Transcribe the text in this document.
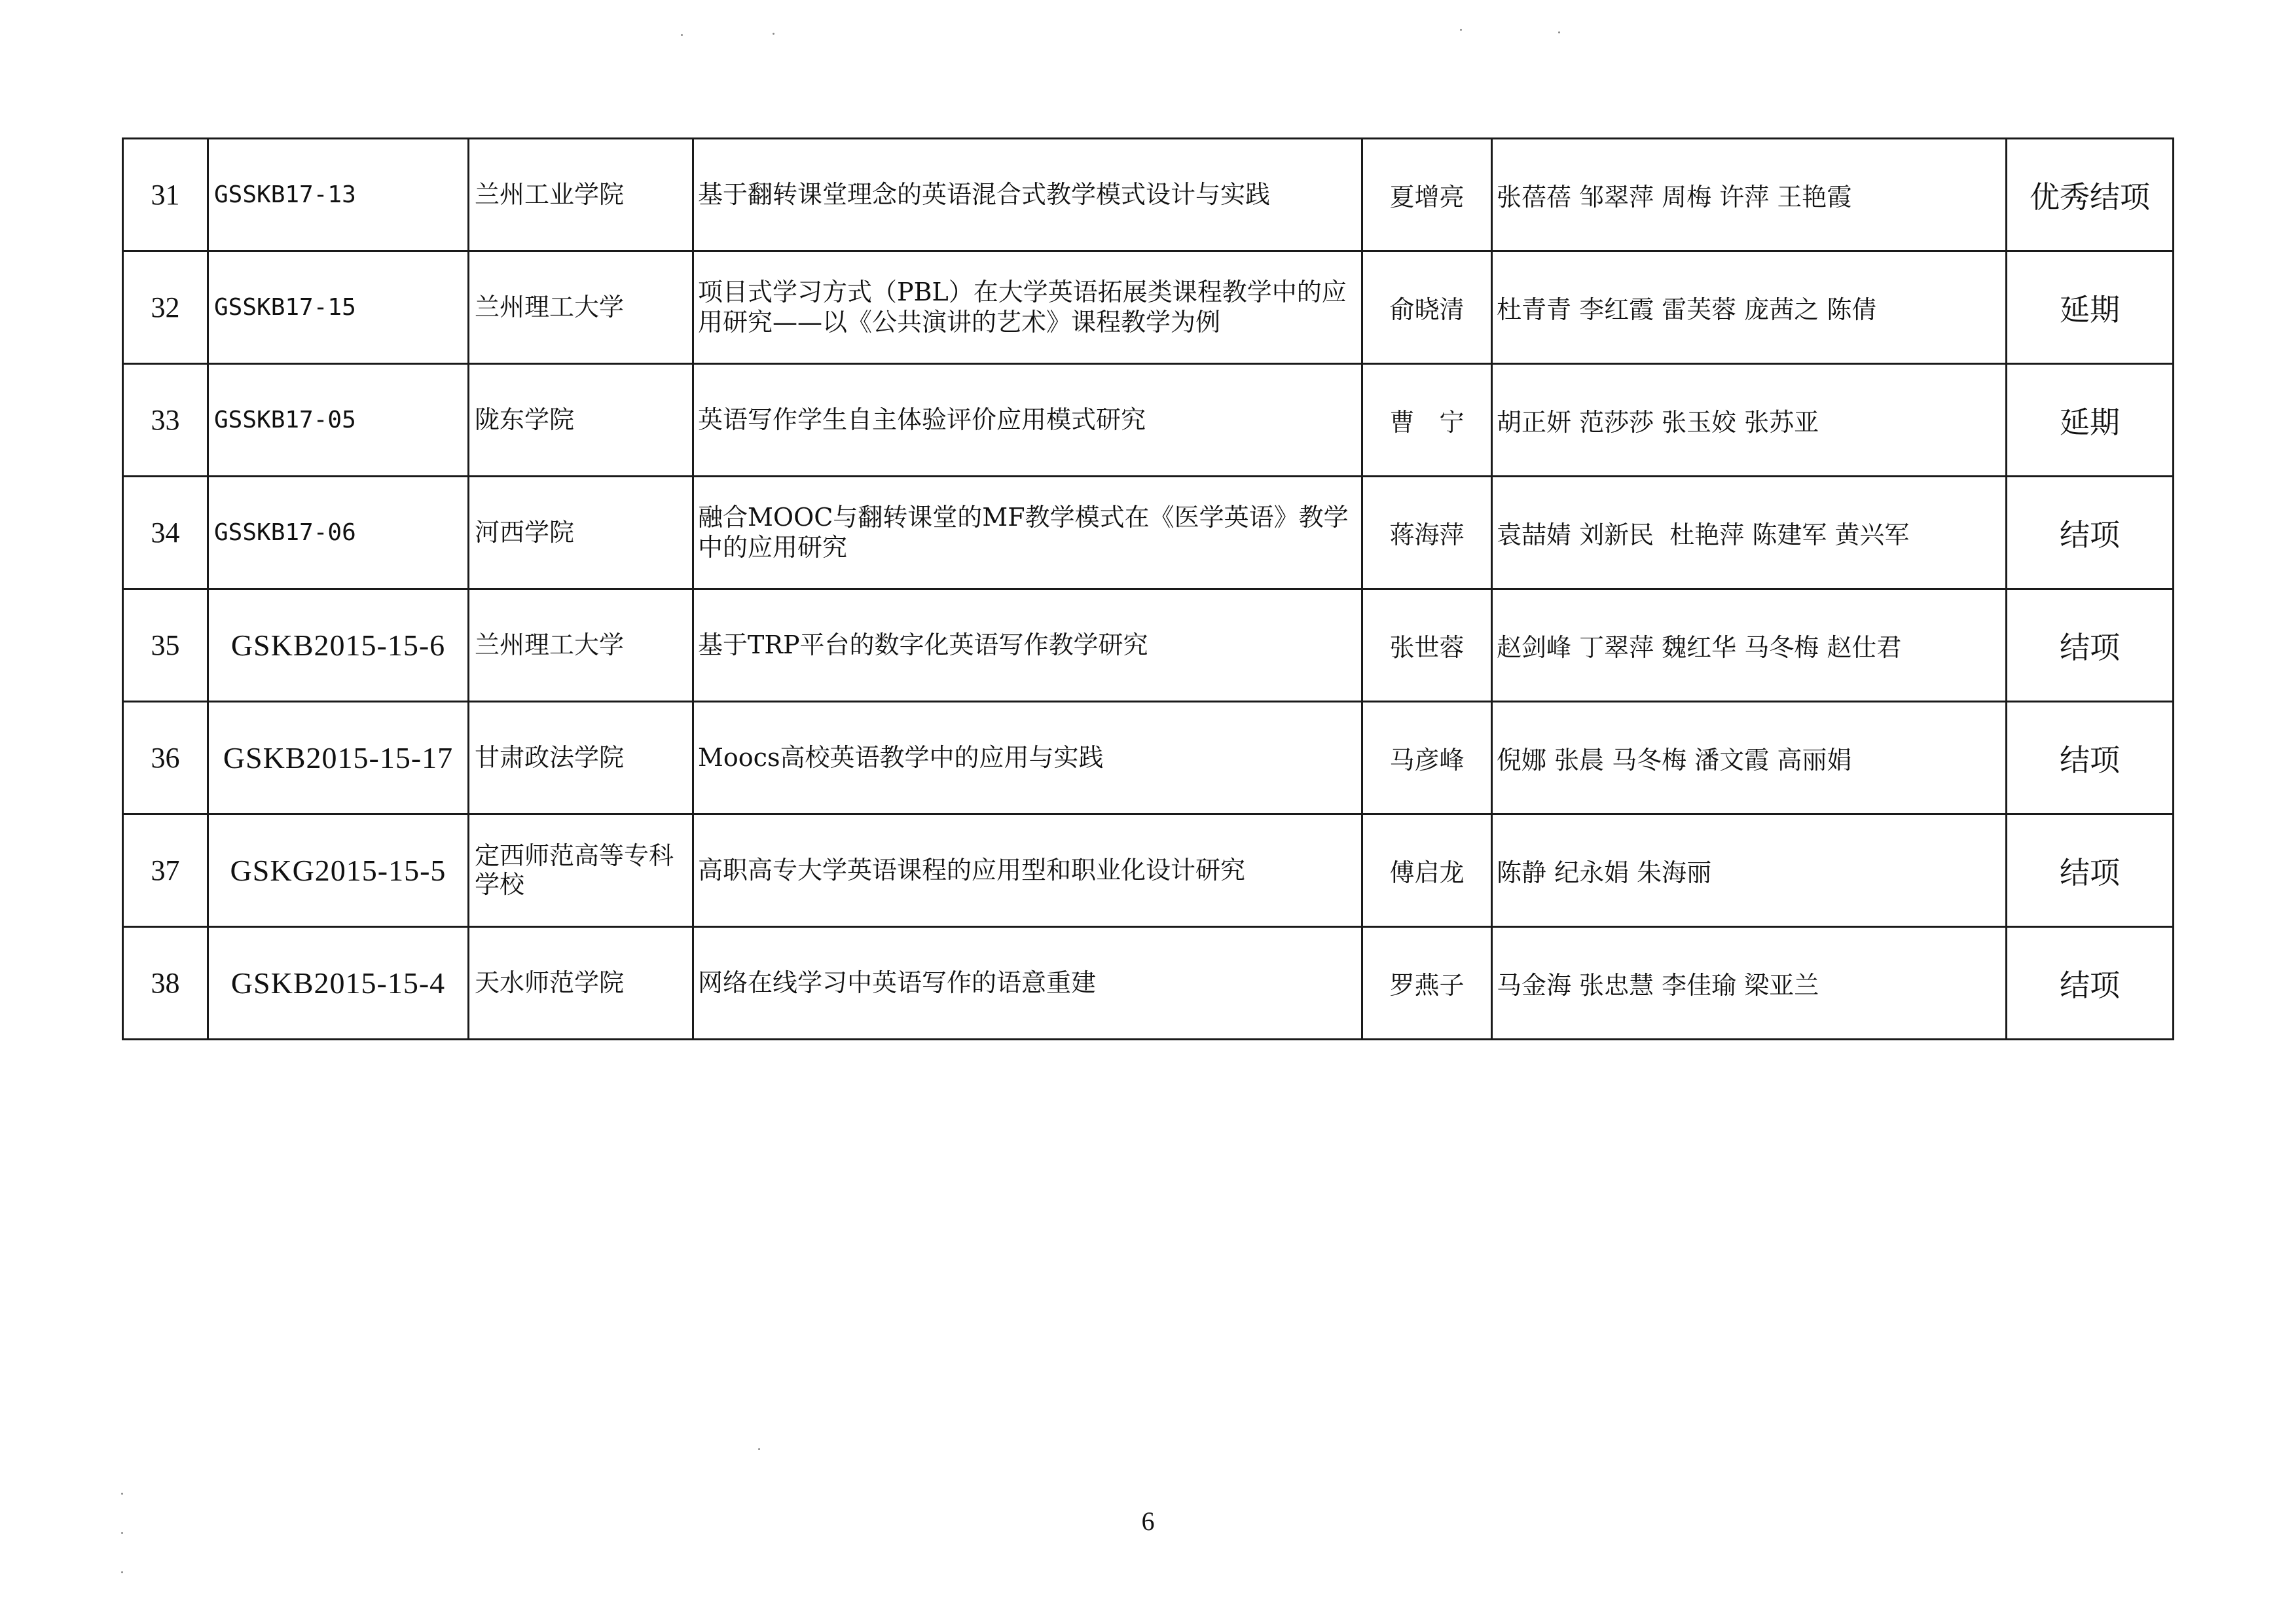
31	GSSKB17-13	兰州工业学院	基于翻转课堂理念的英语混合式教学模式设计与实践	夏增亮	张蓓蓓 邹翠萍 周梅 许萍 王艳霞	优秀结项
32	GSSKB17-15	兰州理工大学	项目式学习方式（PBL）在大学英语拓展类课程教学中的应用研究——以《公共演讲的艺术》课程教学为例	俞晓清	杜青青 李红霞 雷芙蓉 庞茜之 陈倩	延期
33	GSSKB17-05	陇东学院	英语写作学生自主体验评价应用模式研究	曹　宁	胡正妍 范莎莎 张玉姣 张苏亚	延期
34	GSSKB17-06	河西学院	融合MOOC与翻转课堂的MF教学模式在《医学英语》教学中的应用研究	蒋海萍	袁喆婧 刘新民  杜艳萍 陈建军 黄兴军	结项
35	GSKB2015-15-6	兰州理工大学	基于TRP平台的数字化英语写作教学研究	张世蓉	赵剑峰 丁翠萍 魏红华 马冬梅 赵仕君	结项
36	GSKB2015-15-17	甘肃政法学院	Moocs高校英语教学中的应用与实践	马彦峰	倪娜 张晨 马冬梅 潘文霞 高丽娟	结项
37	GSKG2015-15-5	定西师范高等专科学校	高职高专大学英语课程的应用型和职业化设计研究	傅启龙	陈静 纪永娟 朱海丽	结项
38	GSKB2015-15-4	天水师范学院	网络在线学习中英语写作的语意重建	罗燕子	马金海 张忠慧 李佳瑜 梁亚兰	结项
6
